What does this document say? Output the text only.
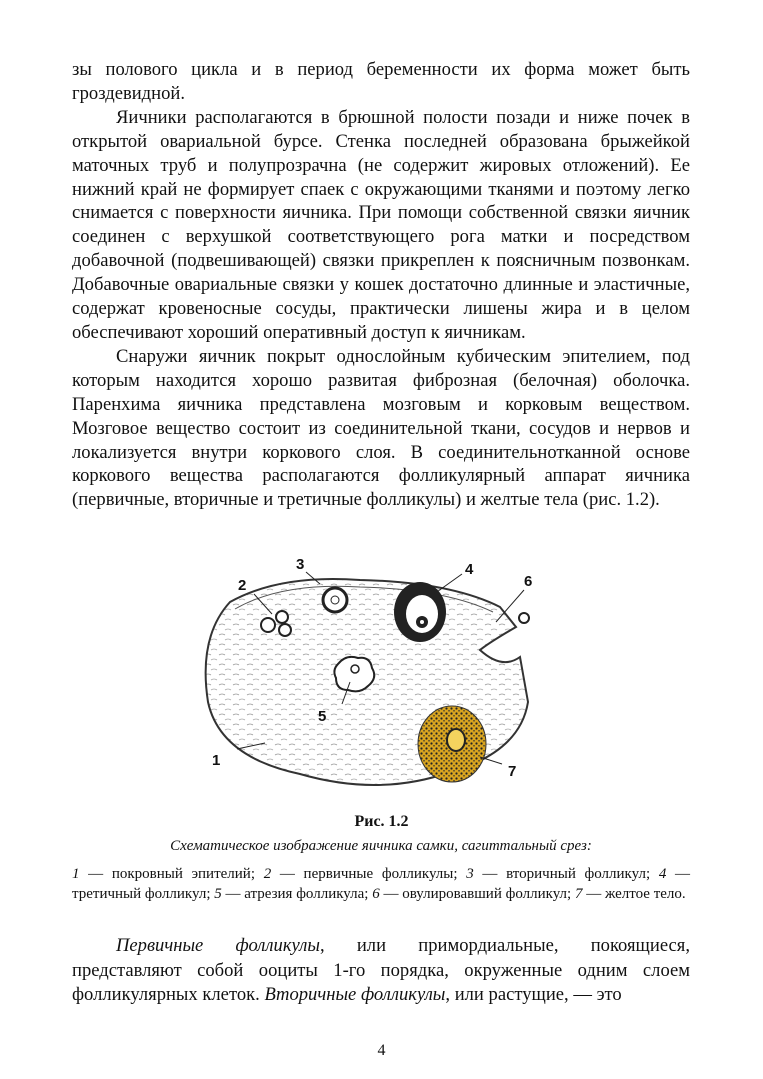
зы полового цикла и в период беременности их форма может быть гроздевидной.

Яичники располагаются в брюшной полости позади и ниже почек в открытой овариальной бурсе. Стенка последней образована брыжейкой маточных труб и полупрозрачна (не содержит жировых отложений). Ее нижний край не формирует спаек с окружающими тканями и поэтому легко снимается с поверхности яичника. При помощи собственной связки яичник соединен с верхушкой соответствующего рога матки и посредством добавочной (подвешивающей) связки прикреплен к поясничным позвонкам. Добавочные овариальные связки у кошек достаточно длинные и эластичные, содержат кровеносные сосуды, практически лишены жира и в целом обеспечивают хороший оперативный доступ к яичникам.

Снаружи яичник покрыт однослойным кубическим эпителием, под которым находится хорошо развитая фиброзная (белочная) оболочка. Паренхима яичника представлена мозговым и корковым веществом. Мозговое вещество состоит из соединительной ткани, сосудов и нервов и локализуется внутри коркового слоя. В соединительнотканной основе коркового вещества располагаются фолликулярный аппарат яичника (первичные, вторичные и третичные фолликулы) и желтые тела (рис. 1.2).

1
2
3	4
5
6
7
Рис. 1.2
Схематическое изображение яичника самки, сагиттальный срез:
1 — покровный эпителий; 2 — первичные фолликулы; 3 — вторичный фолликул; 4 — третичный фолликул; 5 — атрезия фолликула; 6 — овулировавший фолликул; 7 — желтое тело.

Первичные фолликулы, или примордиальные, покоящиеся, представляют собой ооциты 1-го порядка, окруженные одним слоем фолликулярных клеток. Вторичные фолликулы, или растущие, — это

4
